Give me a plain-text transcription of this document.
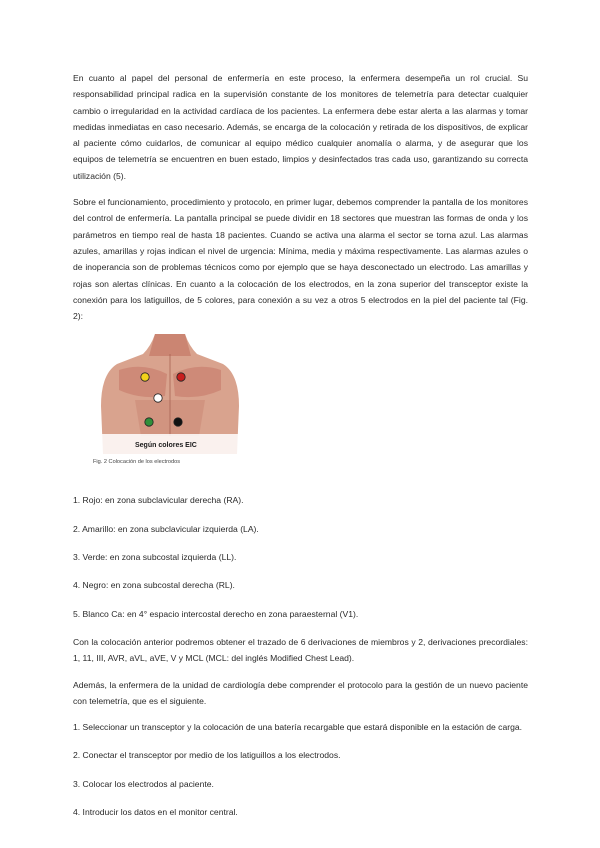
En cuanto al papel del personal de enfermería en este proceso, la enfermera desempeña un rol crucial. Su responsabilidad principal radica en la supervisión constante de los monitores de telemetría para detectar cualquier cambio o irregularidad en la actividad cardíaca de los pacientes. La enfermera debe estar alerta a las alarmas y tomar medidas inmediatas en caso necesario. Además, se encarga de la colocación y retirada de los dispositivos, de explicar al paciente cómo cuidarlos, de comunicar al equipo médico cualquier anomalía o alarma, y de asegurar que los equipos de telemetría se encuentren en buen estado, limpios y desinfectados tras cada uso, garantizando su correcta utilización (5).

Sobre el funcionamiento, procedimiento y protocolo, en primer lugar, debemos comprender la pantalla de los monitores del control de enfermería. La pantalla principal se puede dividir en 18 sectores que muestran las formas de onda y los parámetros en tiempo real de hasta 18 pacientes. Cuando se activa una alarma el sector se torna azul. Las alarmas azules, amarillas y rojas indican el nivel de urgencia: Mínima, media y máxima respectivamente. Las alarmas azules o de inoperancia son de problemas técnicos como por ejemplo que se haya desconectado un electrodo. Las amarillas y rojas son alertas clínicas. En cuanto a la colocación de los electrodos, en la zona superior del transceptor existe la conexión para los latiguillos, de 5 colores, para conexión a su vez a otros 5 electrodos en la piel del paciente tal (Fig. 2):

Según colores EIC
Fig. 2 Colocación de los electrodos

1. Rojo: en zona subclavicular derecha (RA).

2. Amarillo: en zona subclavicular izquierda (LA).

3. Verde: en zona subcostal izquierda (LL).

4. Negro: en zona subcostal derecha (RL).

5. Blanco Ca: en 4° espacio intercostal derecho en zona paraesternal (V1).

Con la colocación anterior podremos obtener el trazado de 6 derivaciones de miembros y 2, derivaciones precordiales: 1, 11, III, AVR, aVL, aVE, V y MCL (MCL: del inglés Modified Chest Lead).

Además, la enfermera de la unidad de cardiología debe comprender el protocolo para la gestión de un nuevo paciente con telemetría, que es el siguiente.

1. Seleccionar un transceptor y la colocación de una batería recargable que estará disponible en la estación de carga.

2. Conectar el transceptor por medio de los latiguillos a los electrodos.

3. Colocar los electrodos al paciente.

4. Introducir los datos en el monitor central.
